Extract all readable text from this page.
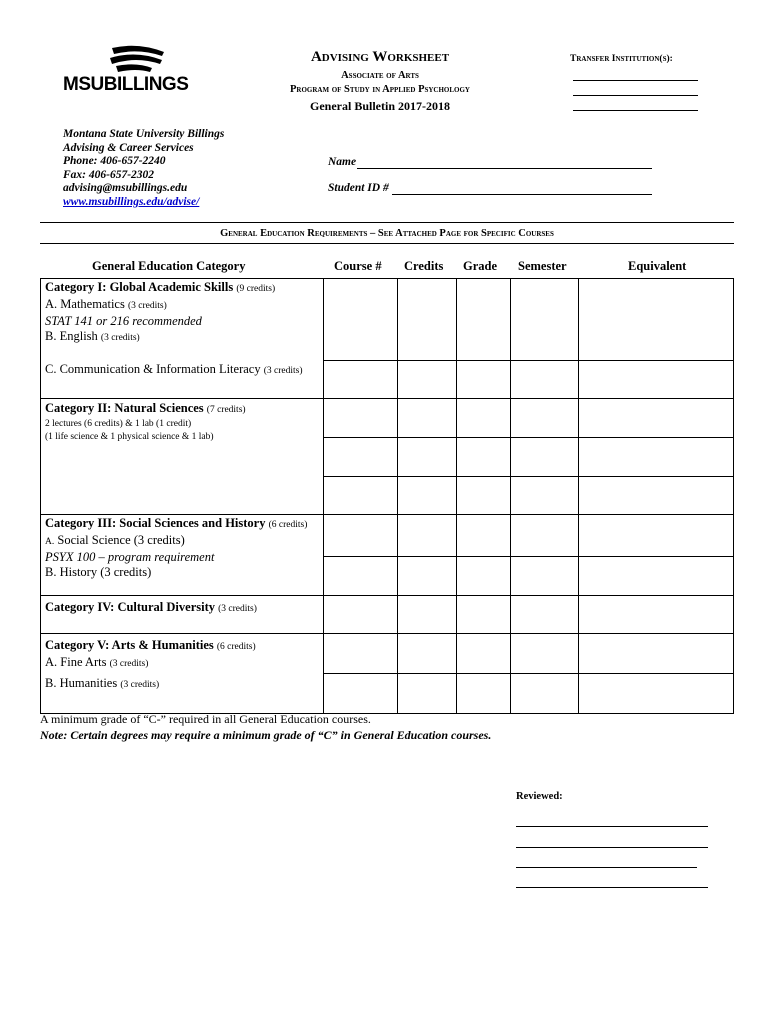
MSUBILLINGS
Advising Worksheet
Associate of Arts
Program of Study in Applied Psychology
General Bulletin 2017-2018
Transfer Institution(s):
Montana State University Billings
Advising & Career Services
Phone: 406-657-2240
Fax: 406-657-2302
advising@msubillings.edu
www.msubillings.edu/advise/
Name
Student ID #
General Education Requirements – See Attached Page for Specific Courses
General Education Category	Course # Credits Grade Semester	Equivalent
Category I: Global Academic Skills (9 credits)
A. Mathematics (3 credits)
STAT 141 or 216 recommended
B. English (3 credits)
C. Communication & Information Literacy (3 credits)
Category II: Natural Sciences (7 credits)
2 lectures (6 credits) & 1 lab (1 credit)
(1 life science & 1 physical science & 1 lab)
Category III: Social Sciences and History (6 credits)
A. Social Science (3 credits)
PSYX 100 – program requirement
B. History (3 credits)
Category IV: Cultural Diversity (3 credits)
Category V: Arts & Humanities (6 credits)
A. Fine Arts (3 credits)
B. Humanities (3 credits)
A minimum grade of “C-” required in all General Education courses.
Note: Certain degrees may require a minimum grade of “C” in General Education courses.
Reviewed:
